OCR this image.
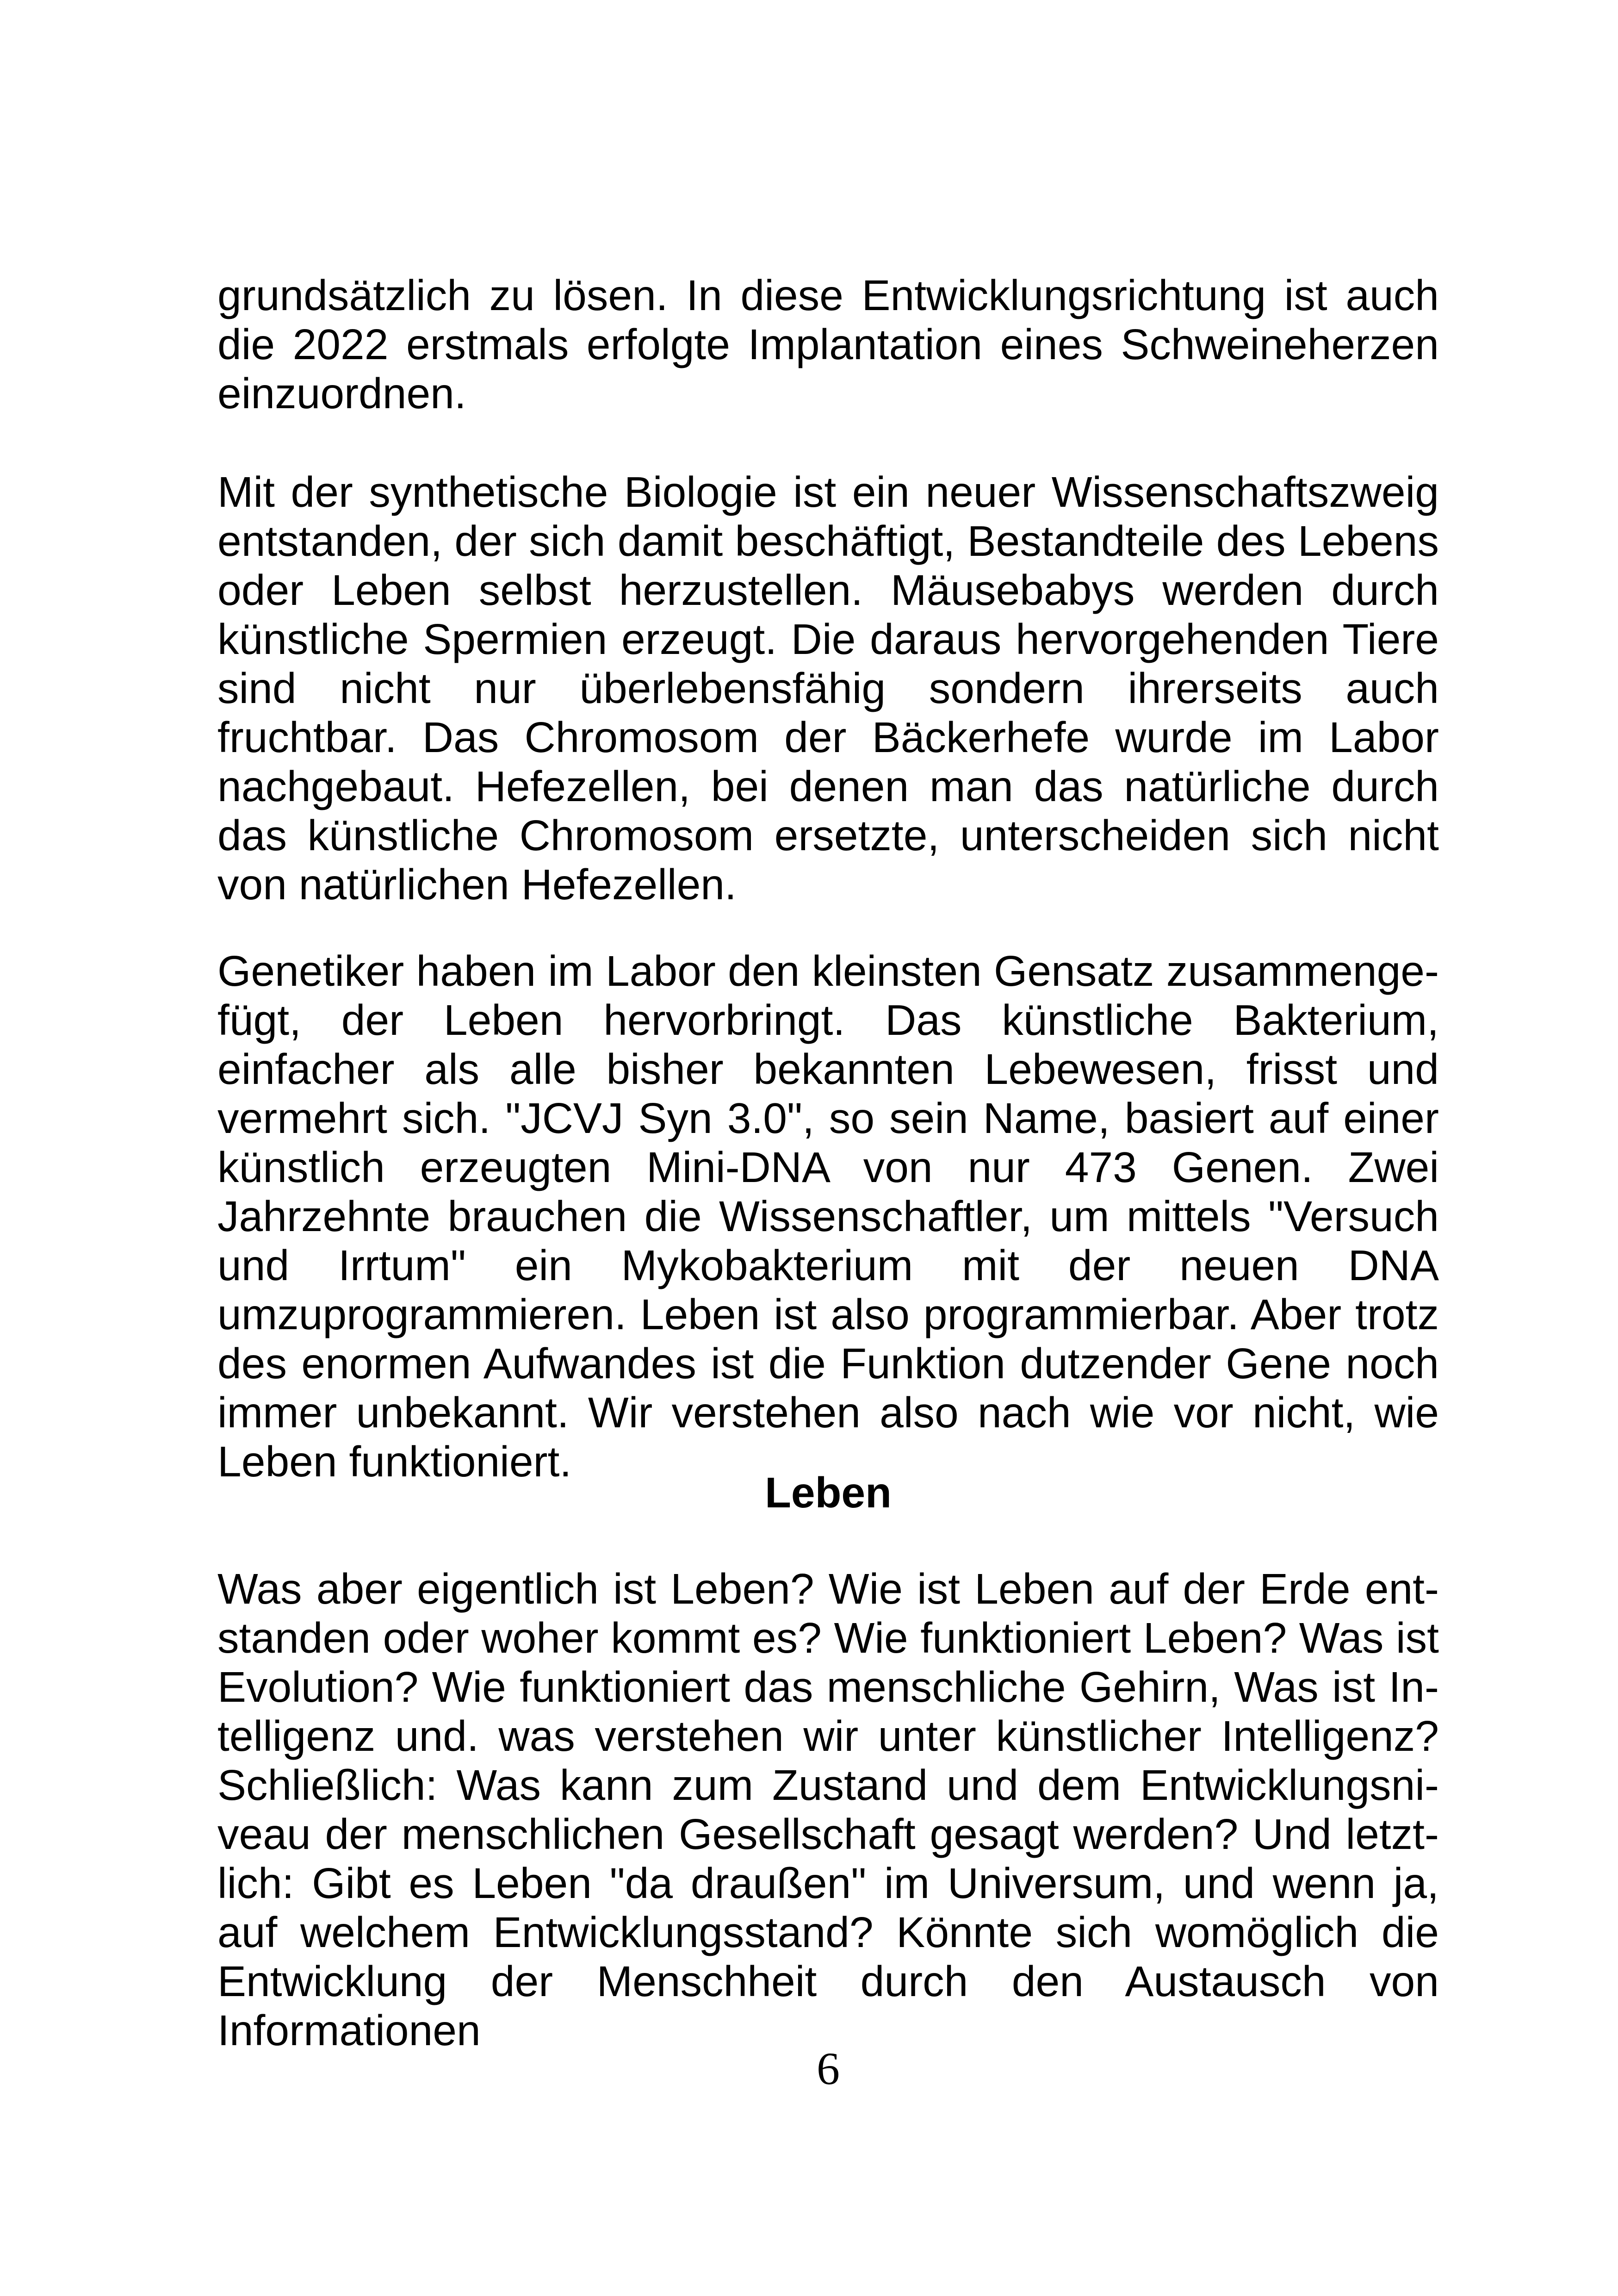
grundsätzlich zu lösen. In diese Entwicklungsrichtung ist auch die 2022 erstmals erfolgte Implantation eines Schweineherzen einzuordnen.

Mit der synthetische Biologie ist ein neuer Wissenschaftszweig entstanden, der sich damit beschäftigt, Bestandteile des Lebens oder Leben selbst herzustellen. Mäusebabys werden durch künstliche Spermien erzeugt. Die daraus hervorgehenden Tiere sind nicht nur überlebensfähig sondern ihrerseits auch fruchtbar. Das Chromosom der Bäckerhefe wurde im Labor nachgebaut. Hefezellen, bei denen man das natürliche durch das künstliche Chromosom ersetzte, unterscheiden sich nicht von natürlichen Hefezellen.

Genetiker haben im Labor den kleinsten Gensatz zusammengefügt, der Leben hervorbringt. Das künstliche Bakterium, einfacher als alle bisher bekannten Lebewesen, frisst und vermehrt sich. "JCVJ Syn 3.0", so sein Name, basiert auf einer künstlich erzeugten Mini-DNA von nur 473 Genen. Zwei Jahrzehnte brauchen die Wissenschaftler, um mittels "Versuch und Irrtum" ein Mykobakterium mit der neuen DNA umzuprogrammieren. Leben ist also programmierbar. Aber trotz des enormen Aufwandes ist die Funktion dutzender Gene noch immer unbekannt. Wir verstehen also nach wie vor nicht, wie Leben funktioniert.

Leben

Was aber eigentlich ist Leben? Wie ist Leben auf der Erde entstanden oder woher kommt es? Wie funktioniert Leben? Was ist Evolution? Wie funktioniert das menschliche Gehirn, Was ist Intelligenz und. was verstehen wir unter künstlicher Intelligenz? Schließlich: Was kann zum Zustand und dem Entwicklungsniveau der menschlichen Gesellschaft gesagt werden? Und letztlich: Gibt es Leben "da draußen" im Universum, und wenn ja, auf welchem Entwicklungsstand? Könnte sich womöglich die Entwicklung der Menschheit durch den Austausch von Informationen

6
